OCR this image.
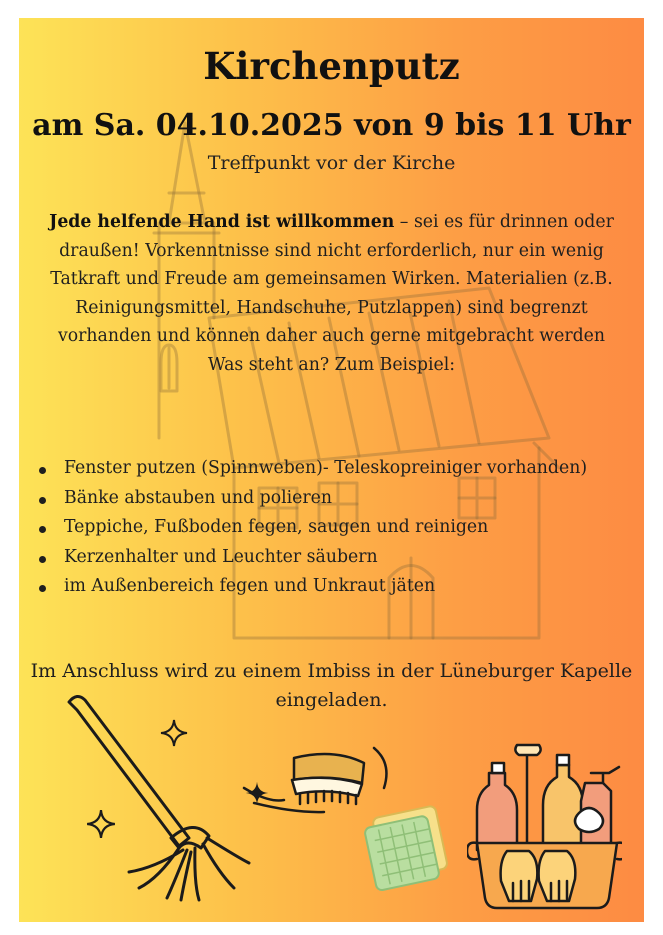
Kirchenputz
am Sa. 04.10.2025 von 9 bis 11 Uhr
Treffpunkt vor der Kirche
Jede helfende Hand ist willkommen – sei es für drinnen oder draußen! Vorkenntnisse sind nicht erforderlich, nur ein wenig Tatkraft und Freude am gemeinsamen Wirken. Materialien (z.B. Reinigungsmittel, Handschuhe, Putzlappen) sind begrenzt vorhanden und können daher auch gerne mitgebracht werden
Was steht an? Zum Beispiel:
Fenster putzen (Spinnweben)- Teleskopreiniger vorhanden)
Bänke abstauben und polieren
Teppiche, Fußboden fegen, saugen und reinigen
Kerzenhalter und Leuchter säubern
im Außenbereich fegen und Unkraut jäten
Im Anschluss wird zu einem Imbiss in der Lüneburger Kapelle eingeladen.
